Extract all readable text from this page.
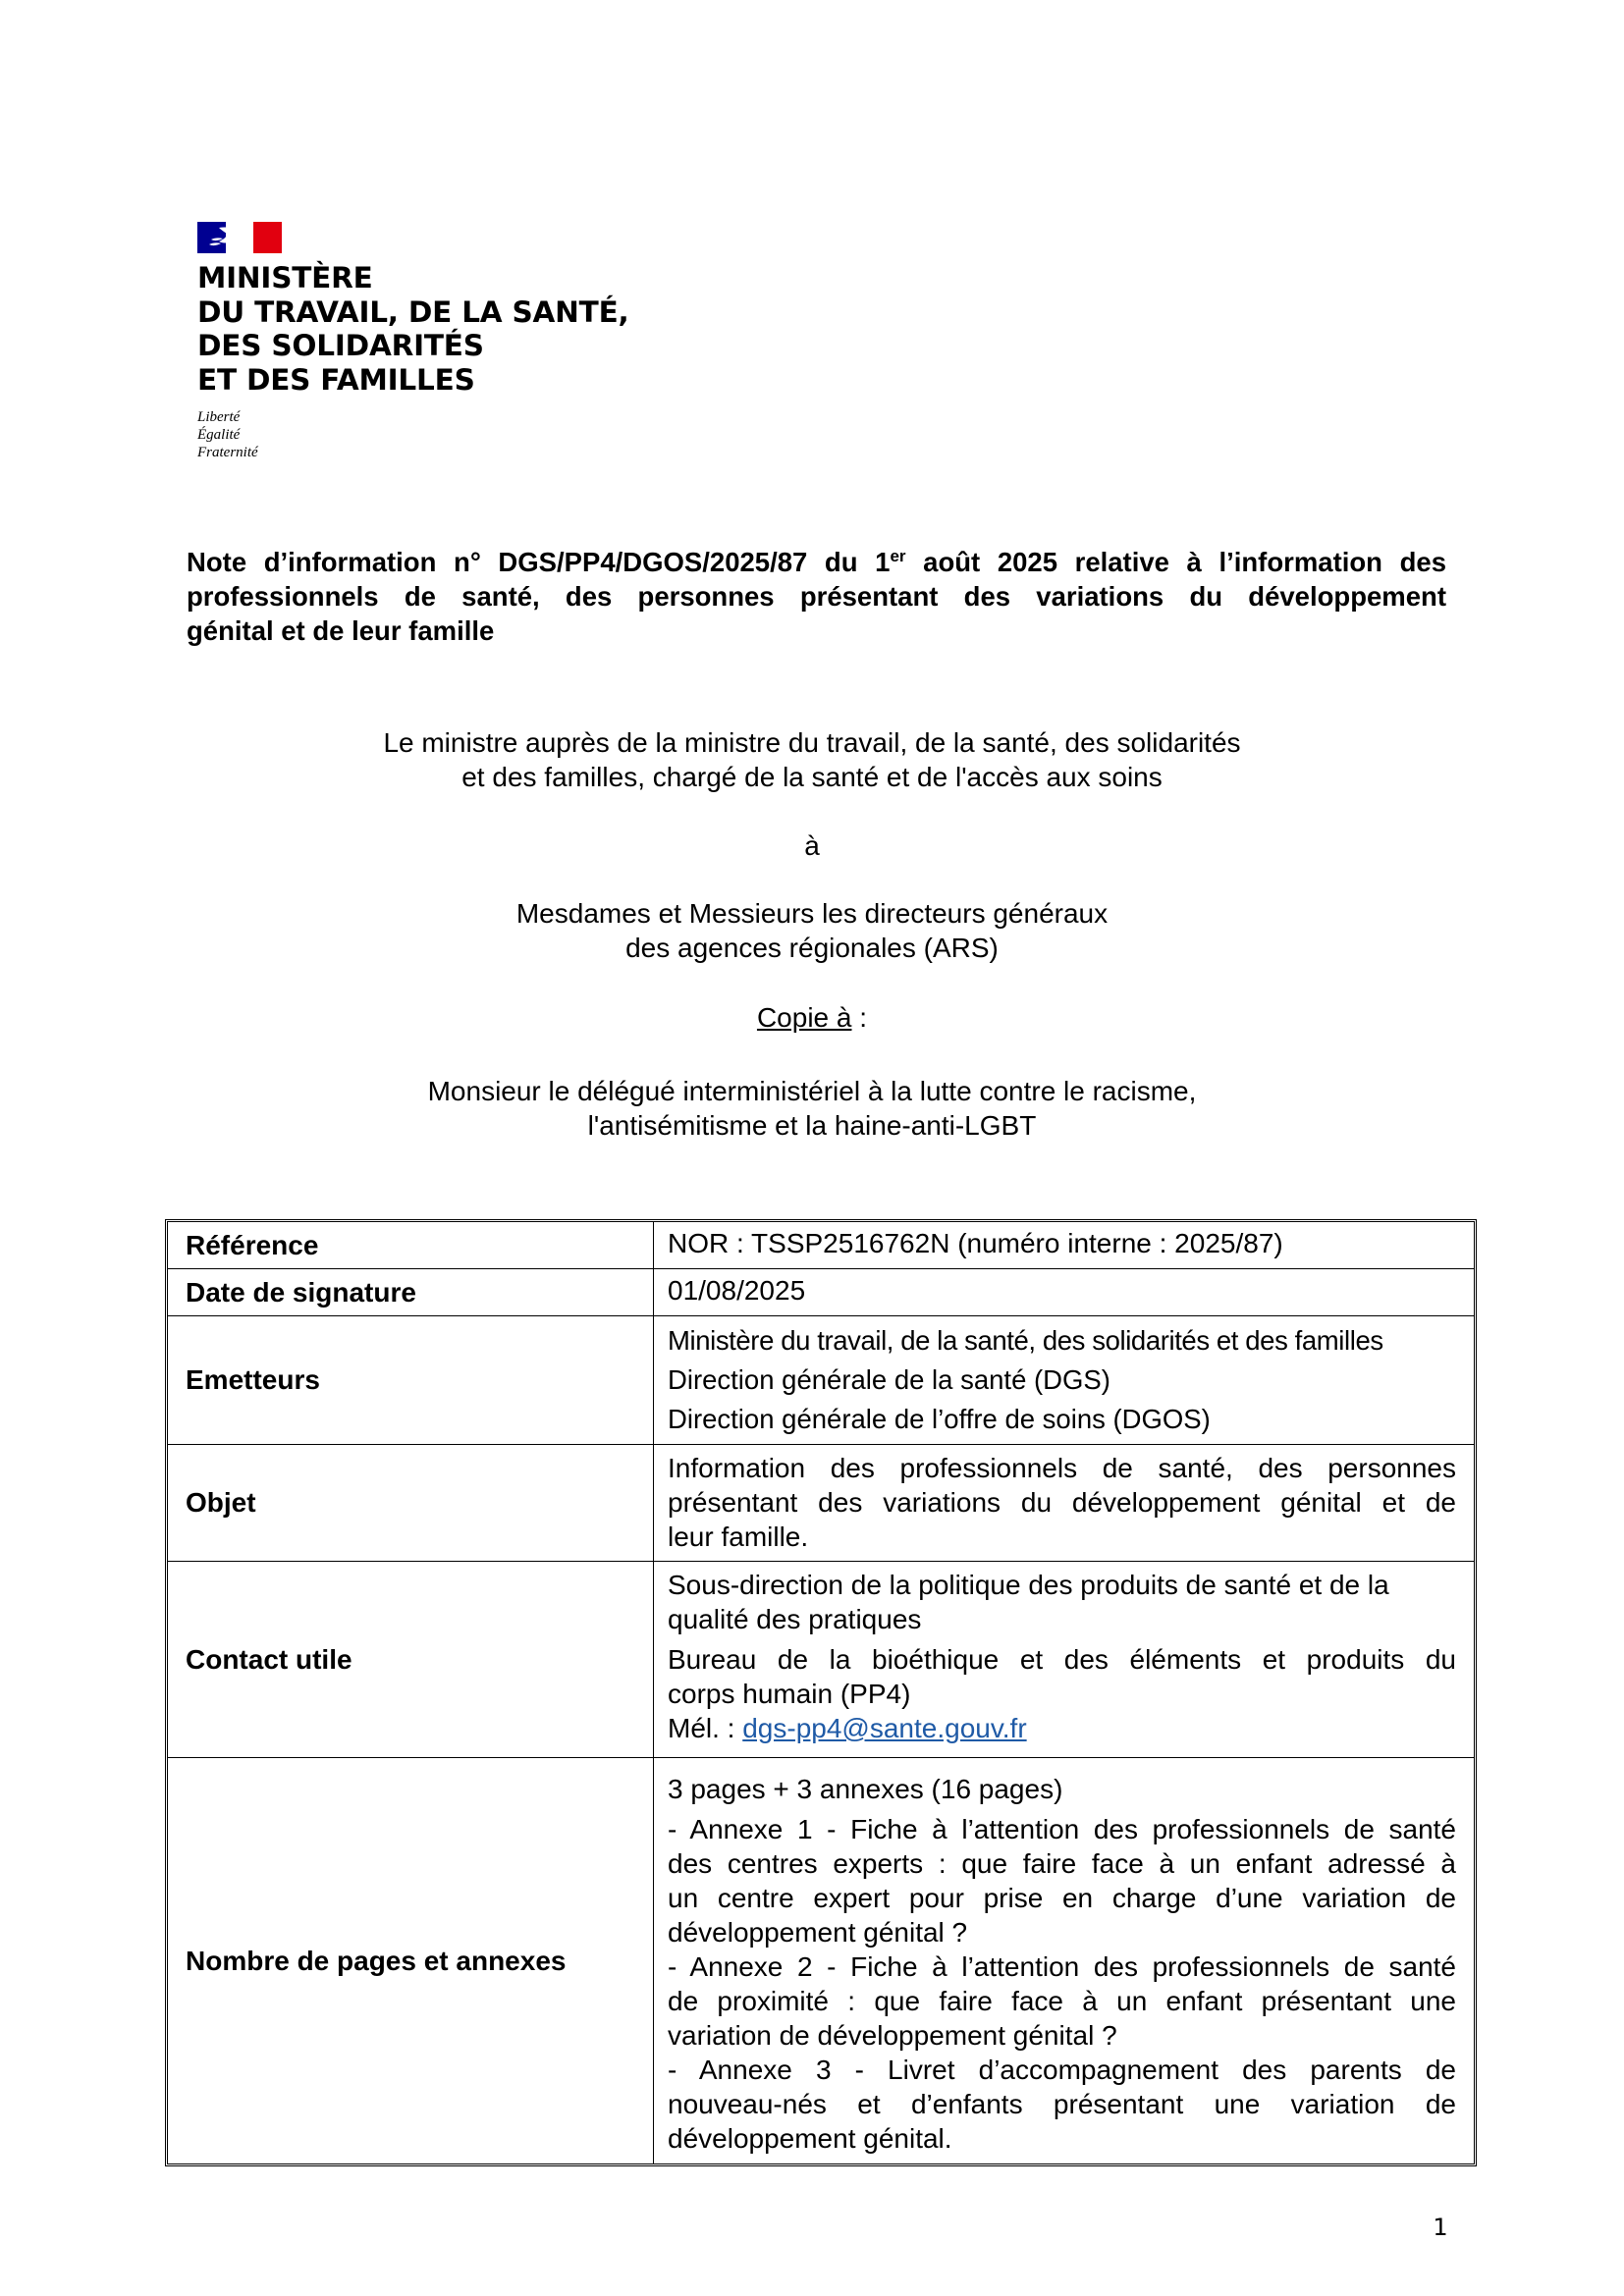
MINISTÈRE
DU TRAVAIL, DE LA SANTÉ,
DES SOLIDARITÉS
ET DES FAMILLES
Liberté
Égalité
Fraternité
Note d’information n° DGS/PP4/DGOS/2025/87 du 1er août 2025 relative à l’information des
professionnels de santé, des personnes présentant des variations du développement
génital et de leur famille
Le ministre auprès de la ministre du travail, de la santé, des solidarités
et des familles, chargé de la santé et de l'accès aux soins
à
Mesdames et Messieurs les directeurs généraux
des agences régionales (ARS)
Copie à :
Monsieur le délégué interministériel à la lutte contre le racisme,
l'antisémitisme et la haine-anti-LGBT
Référence	NOR : TSSP2516762N (numéro interne : 2025/87)
Date de signature	01/08/2025
Emetteurs
Ministère du travail, de la santé, des solidarités et des familles
Direction générale de la santé (DGS)
Direction générale de l’offre de soins (DGOS)
Objet
Information des professionnels de santé, des personnes
présentant des variations du développement génital et de
leur famille.
Contact utile
Sous-direction de la politique des produits de santé et de la
qualité des pratiques
Bureau de la bioéthique et des éléments et produits du
corps humain (PP4)
Mél. : dgs-pp4@sante.gouv.fr
Nombre de pages et annexes
3 pages + 3 annexes (16 pages)
- Annexe 1 - Fiche à l’attention des professionnels de santé
des centres experts : que faire face à un enfant adressé à
un centre expert pour prise en charge d’une variation de
développement génital ?
- Annexe 2 - Fiche à l’attention des professionnels de santé
de proximité : que faire face à un enfant présentant une
variation de développement génital ?
- Annexe 3 - Livret d’accompagnement des parents de
nouveau-nés et d’enfants présentant une variation de
développement génital.
1
